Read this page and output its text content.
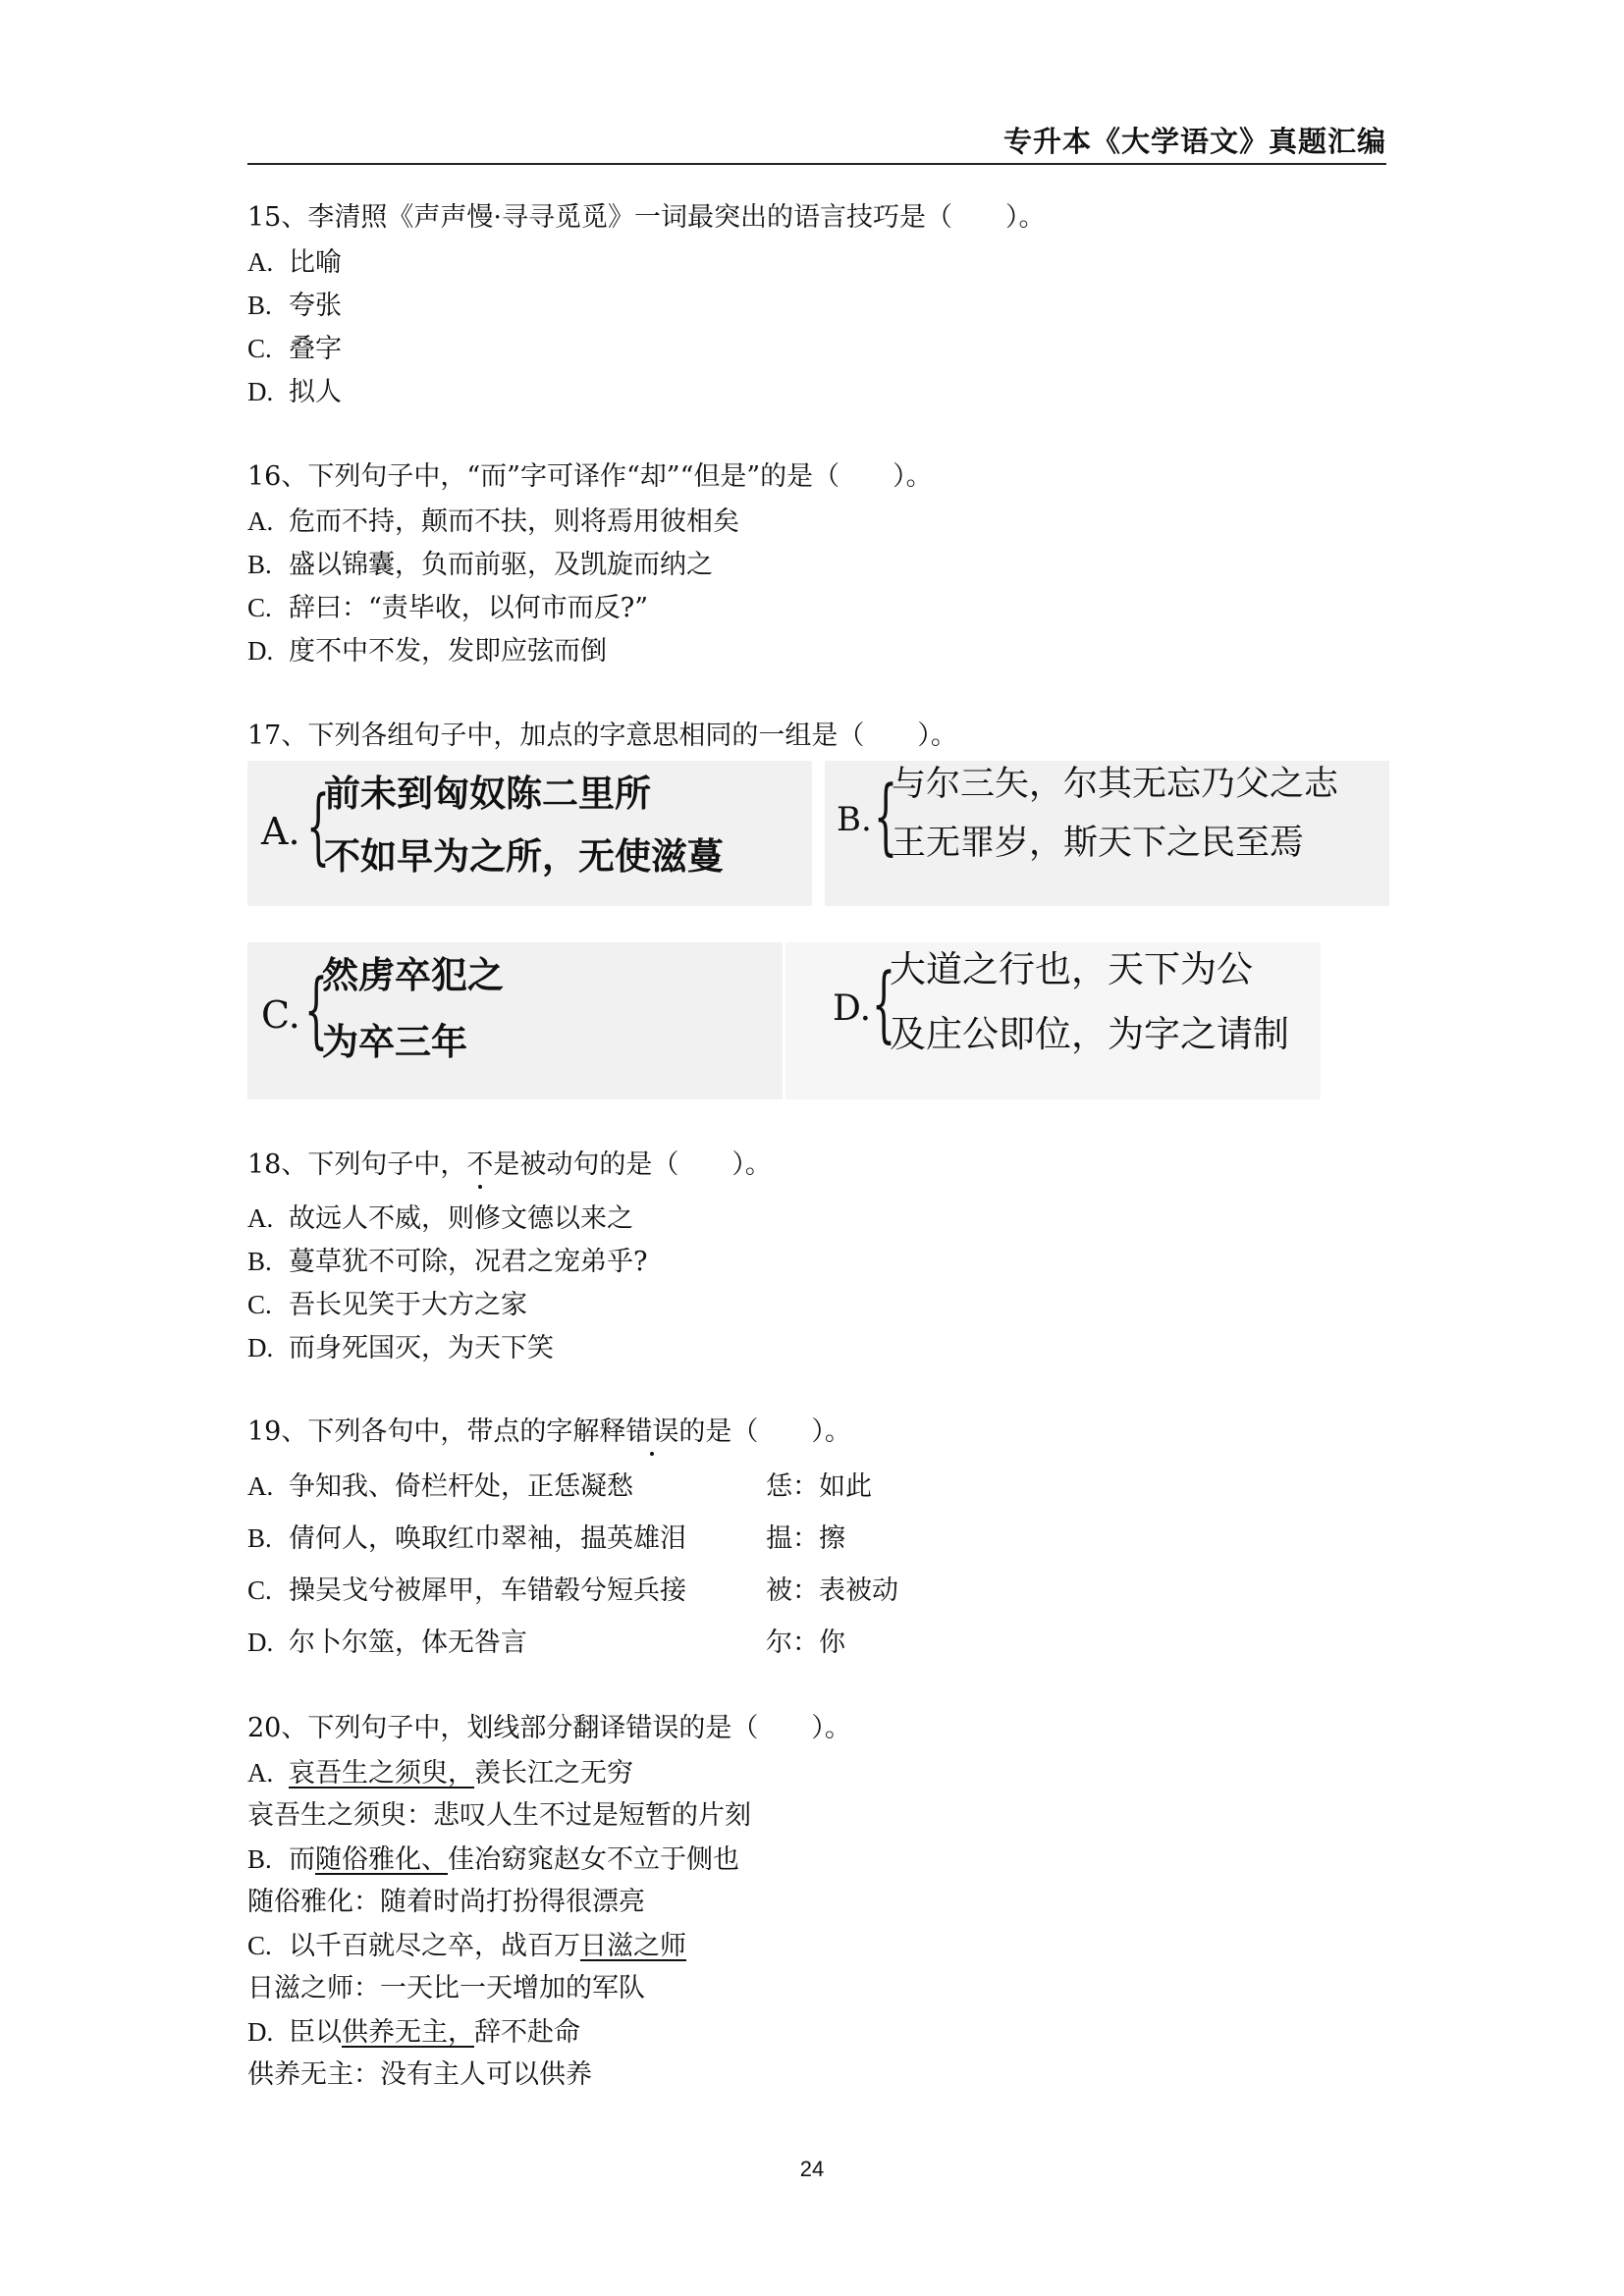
专升本《大学语文》真题汇编
15、李清照《声声慢·寻寻觅觅》一词最突出的语言技巧是（　　）。
A. 比喻
B. 夸张
C. 叠字
D. 拟人
16、下列句子中，“而”字可译作“却”“但是”的是（　　）。
A. 危而不持，颠而不扶，则将焉用彼相矣
B. 盛以锦囊，负而前驱，及凯旋而纳之
C. 辞曰：“责毕收，以何市而反?”
D. 度不中不发，发即应弦而倒
17、下列各组句子中，加点的字意思相同的一组是（　　）。
A. {
前未到匈奴陈二里所
不如早为之所，无使滋蔓
B. {
与尔三矢，尔其无忘乃父之志
王无罪岁，斯天下之民至焉
C. {
然虏卒犯之
为卒三年
D. {
大道之行也，天下为公
及庄公即位，为字之请制
18、下列句子中，不是被动句的是（　　）。
A. 故远人不威，则修文德以来之
B. 蔓草犹不可除，况君之宠弟乎?
C. 吾长见笑于大方之家
D. 而身死国灭，为天下笑
19、下列各句中，带点的字解释错误的是（　　）。
A. 争知我、倚栏杆处，正恁凝愁	恁：如此
B. 倩何人，唤取红巾翠袖，揾英雄泪	揾：擦
C. 操吴戈兮被犀甲，车错毂兮短兵接	被：表被动
D. 尔卜尔筮，体无咎言	尔：你
20、下列句子中，划线部分翻译错误的是（　　）。
A. 哀吾生之须臾，羡长江之无穷
哀吾生之须臾：悲叹人生不过是短暂的片刻
B. 而随俗雅化、佳冶窈窕赵女不立于侧也
随俗雅化：随着时尚打扮得很漂亮
C. 以千百就尽之卒，战百万日滋之师
日滋之师：一天比一天增加的军队
D. 臣以供养无主，辞不赴命
供养无主：没有主人可以供养
24
